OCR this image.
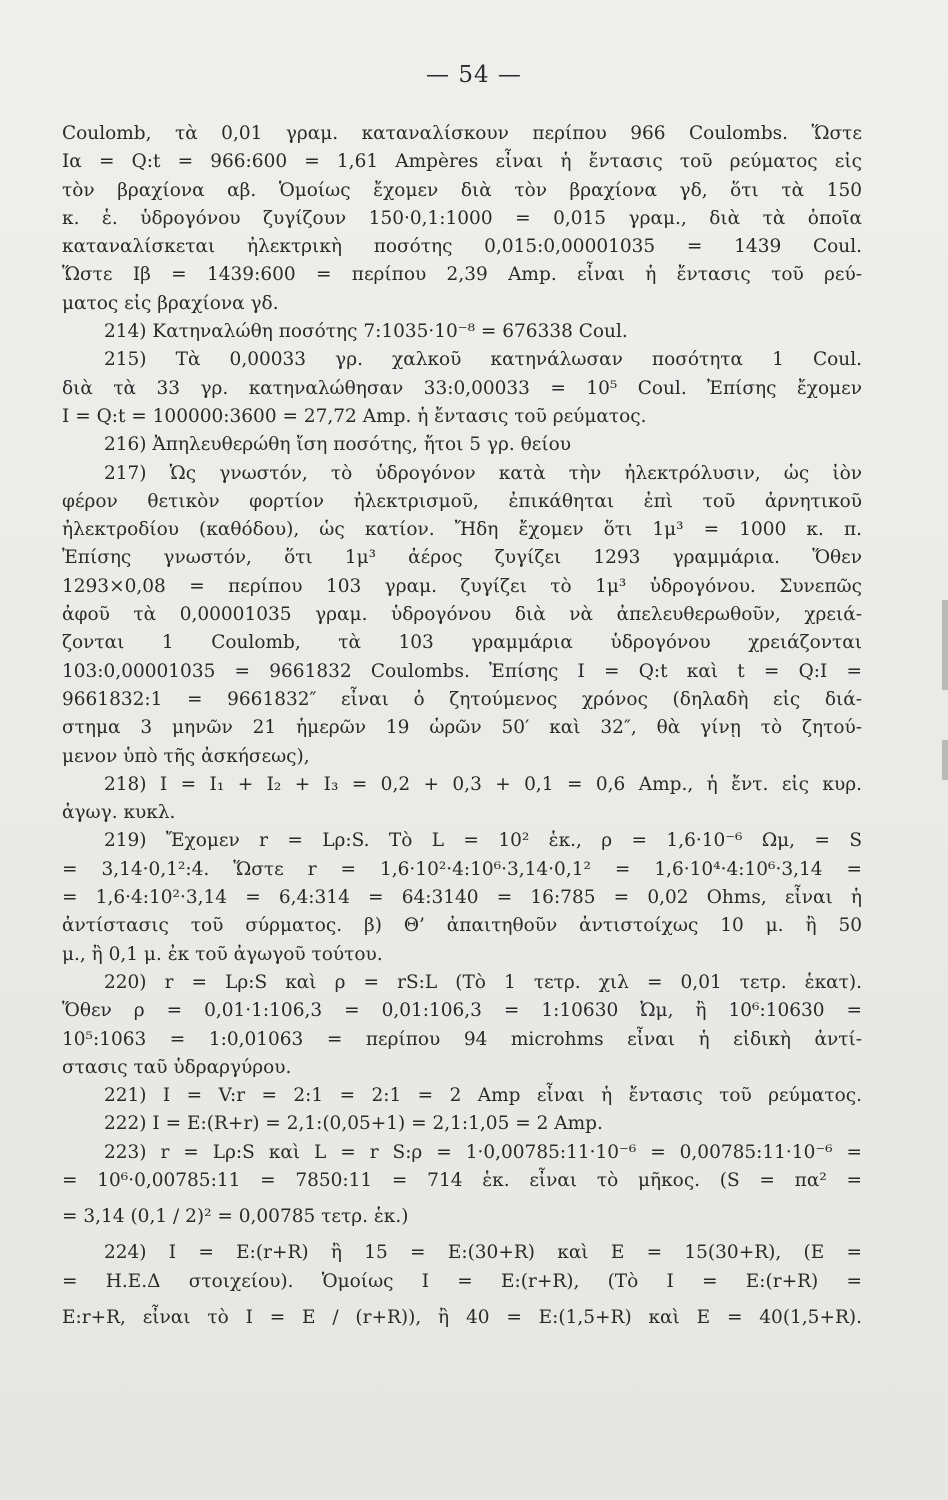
— 54 —
Coulomb, τὰ 0,01 γραμ. καταναλίσκουν περίπου 966 Coulombs. Ὥστε
Iα = Q:t = 966:600 = 1,61 Ampères εἶναι ἡ ἔντασις τοῦ ρεύματος εἰς
τὸν βραχίονα αβ. Ὁμοίως ἔχομεν διὰ τὸν βραχίονα γδ, ὅτι τὰ 150
κ. ἑ. ὑδρογόνου ζυγίζουν 150·0,1:1000 = 0,015 γραμ., διὰ τὰ ὁποῖα
καταναλίσκεται ἠλεκτρικὴ ποσότης 0,015:0,00001035 = 1439 Coul.
Ὥστε Iβ = 1439:600 = περίπου 2,39 Amp. εἶναι ἡ ἔντασις τοῦ ρεύ-
ματος εἰς βραχίονα γδ.
214) Κατηναλώθη ποσότης 7:1035·10⁻⁸ = 676338 Coul.
215) Τὰ 0,00033 γρ. χαλκοῦ κατηνάλωσαν ποσότητα 1 Coul.
διὰ τὰ 33 γρ. κατηναλώθησαν 33:0,00033 = 10⁵ Coul. Ἐπίσης ἔχομεν
I = Q:t = 100000:3600 = 27,72 Amp. ἡ ἔντασις τοῦ ρεύματος.
216) Ἀπηλευθερώθη ἴση ποσότης, ἤτοι 5 γρ. θείου
217) Ὡς γνωστόν, τὸ ὑδρογόνον κατὰ τὴν ἠλεκτρόλυσιν, ὡς ἰὸν
φέρον θετικὸν φορτίον ἠλεκτρισμοῦ, ἐπικάθηται ἐπὶ τοῦ ἀρνητικοῦ
ἠλεκτροδίου (καθόδου), ὡς κατίον. Ἤδη ἔχομεν ὅτι 1μ³ = 1000 κ. π.
Ἐπίσης γνωστόν, ὅτι 1μ³ ἀέρος ζυγίζει 1293 γραμμάρια. Ὅθεν
1293×0,08 = περίπου 103 γραμ. ζυγίζει τὸ 1μ³ ὑδρογόνου. Συνεπῶς
ἀφοῦ τὰ 0,00001035 γραμ. ὑδρογόνου διὰ νὰ ἀπελευθερωθοῦν, χρειά-
ζονται 1 Coulomb, τὰ 103 γραμμάρια ὑδρογόνου χρειάζονται
103:0,00001035 = 9661832 Coulombs. Ἐπίσης I = Q:t καὶ t = Q:I =
9661832:1 = 9661832″ εἶναι ὁ ζητούμενος χρόνος (δηλαδὴ εἰς διά-
στημα 3 μηνῶν 21 ἡμερῶν 19 ὡρῶν 50′ καὶ 32″, θὰ γίνῃ τὸ ζητού-
μενον ὑπὸ τῆς ἀσκήσεως),
218) I = I₁ + I₂ + I₃ = 0,2 + 0,3 + 0,1 = 0,6 Amp., ἡ ἔντ. εἰς κυρ.
ἀγωγ. κυκλ.
219) Ἔχομεν r = Lρ:S. Τὸ L = 10² ἑκ., ρ = 1,6·10⁻⁶ Ωμ, = S
= 3,14·0,1²:4. Ὥστε r = 1,6·10²·4:10⁶·3,14·0,1² = 1,6·10⁴·4:10⁶·3,14 =
= 1,6·4:10²·3,14 = 6,4:314 = 64:3140 = 16:785 = 0,02 Ohms, εἶναι ἡ
ἀντίστασις τοῦ σύρματος. β) Θ’ ἀπαιτηθοῦν ἀντιστοίχως 10 μ. ἢ 50
μ., ἢ 0,1 μ. ἐκ τοῦ ἀγωγοῦ τούτου.
220) r = Lρ:S καὶ ρ = rS:L (Τὸ 1 τετρ. χιλ = 0,01 τετρ. ἑκατ).
Ὅθεν ρ = 0,01·1:106,3 = 0,01:106,3 = 1:10630 Ὠμ, ἢ 10⁶:10630 =
10⁵:1063 = 1:0,01063 = περίπου 94 microhms εἶναι ἡ εἰδικὴ ἀντί-
στασις ταῦ ὑδραργύρου.
221) I = V:r = 2:1 = 2:1 = 2 Amp εἶναι ἡ ἔντασις τοῦ ρεύματος.
222) I = E:(R+r) = 2,1:(0,05+1) = 2,1:1,05 = 2 Amp.
223) r = Lρ:S καὶ L = r S:ρ = 1·0,00785:11·10⁻⁶ = 0,00785:11·10⁻⁶ =
= 10⁶·0,00785:11 = 7850:11 = 714 ἑκ. εἶναι τὸ μῆκος. (S = πα² =
= 3,14 (0,1 / 2)² = 0,00785 τετρ. ἑκ.)
224) I = E:(r+R) ἢ 15 = E:(30+R) καὶ E = 15(30+R), (E =
= Η.Ε.Δ στοιχείου). Ὁμοίως I = E:(r+R), (Τὸ I = E:(r+R) =
E:r+R, εἶναι τὸ I = E / (r+R)), ἢ 40 = E:(1,5+R) καὶ E = 40(1,5+R).
